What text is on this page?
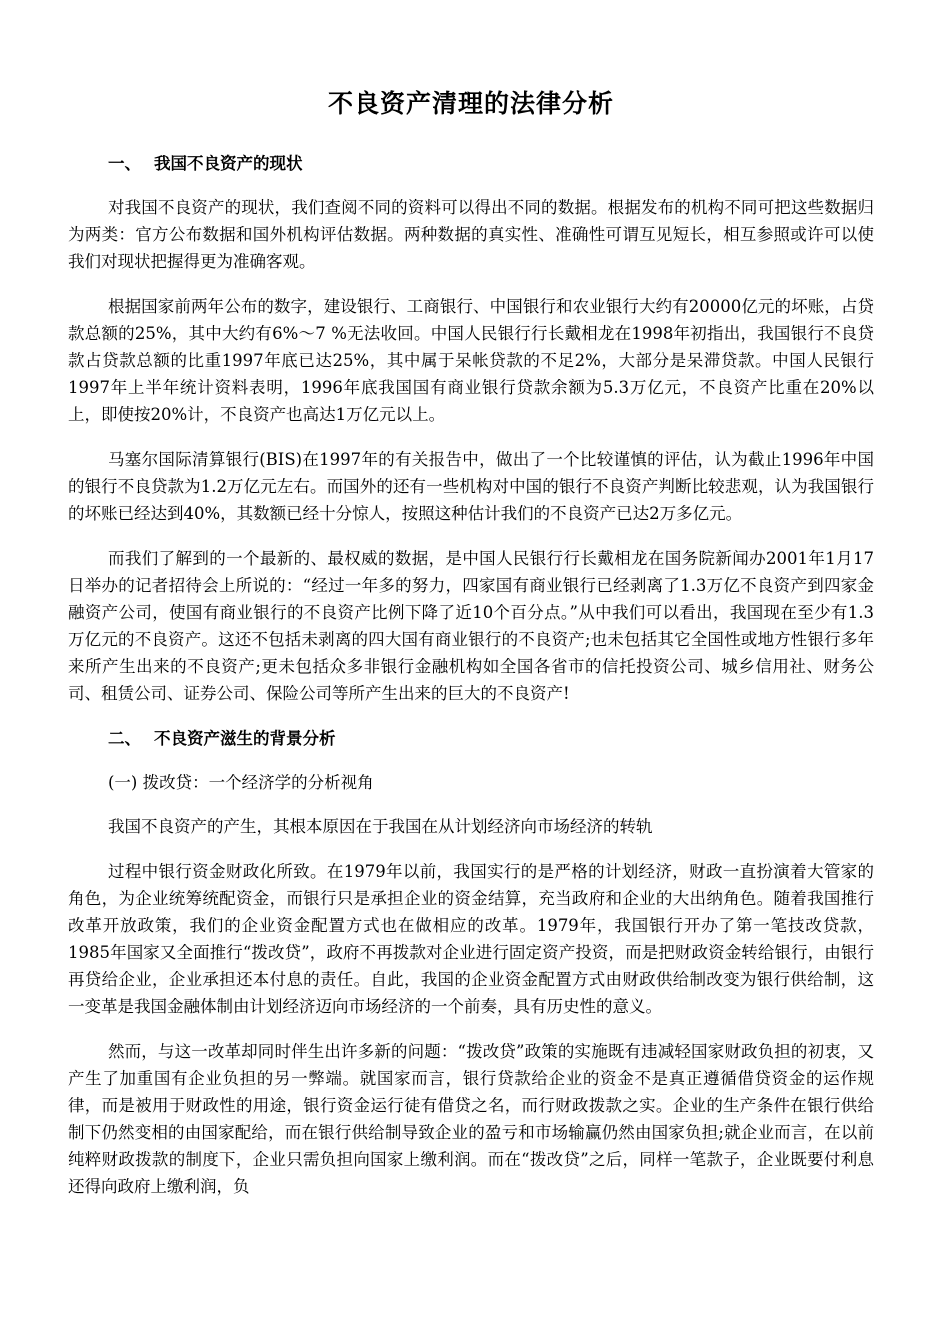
不良资产清理的法律分析
一、 我国不良资产的现状

对我国不良资产的现状，我们查阅不同的资料可以得出不同的数据。根据发布的机构不同可把这些数据归为两类：官方公布数据和国外机构评估数据。两种数据的真实性、准确性可谓互见短长，相互参照或许可以使我们对现状把握得更为准确客观。

根据国家前两年公布的数字，建设银行、工商银行、中国银行和农业银行大约有20000亿元的坏账，占贷款总额的25%，其中大约有6%～7 %无法收回。中国人民银行行长戴相龙在1998年初指出，我国银行不良贷款占贷款总额的比重1997年底已达25%，其中属于呆帐贷款的不足2%，大部分是呆滞贷款。中国人民银行1997年上半年统计资料表明，1996年底我国国有商业银行贷款余额为5.3万亿元，不良资产比重在20%以上，即使按20%计，不良资产也高达1万亿元以上。

马塞尔国际清算银行(BIS)在1997年的有关报告中，做出了一个比较谨慎的评估，认为截止1996年中国的银行不良贷款为1.2万亿元左右。而国外的还有一些机构对中国的银行不良资产判断比较悲观，认为我国银行的坏账已经达到40%，其数额已经十分惊人，按照这种估计我们的不良资产已达2万多亿元。

而我们了解到的一个最新的、最权威的数据，是中国人民银行行长戴相龙在国务院新闻办2001年1月17日举办的记者招待会上所说的：“经过一年多的努力，四家国有商业银行已经剥离了1.3万亿不良资产到四家金融资产公司，使国有商业银行的不良资产比例下降了近10个百分点。”从中我们可以看出，我国现在至少有1.3万亿元的不良资产。这还不包括未剥离的四大国有商业银行的不良资产;也未包括其它全国性或地方性银行多年来所产生出来的不良资产;更未包括众多非银行金融机构如全国各省市的信托投资公司、城乡信用社、财务公司、租赁公司、证券公司、保险公司等所产生出来的巨大的不良资产!

二、 不良资产滋生的背景分析
(一) 拨改贷：一个经济学的分析视角

我国不良资产的产生，其根本原因在于我国在从计划经济向市场经济的转轨

过程中银行资金财政化所致。在1979年以前，我国实行的是严格的计划经济，财政一直扮演着大管家的角色，为企业统筹统配资金，而银行只是承担企业的资金结算，充当政府和企业的大出纳角色。随着我国推行改革开放政策，我们的企业资金配置方式也在做相应的改革。1979年，我国银行开办了第一笔技改贷款，1985年国家又全面推行“拨改贷”，政府不再拨款对企业进行固定资产投资，而是把财政资金转给银行，由银行再贷给企业，企业承担还本付息的责任。自此，我国的企业资金配置方式由财政供给制改变为银行供给制，这一变革是我国金融体制由计划经济迈向市场经济的一个前奏，具有历史性的意义。

然而，与这一改革却同时伴生出许多新的问题：“拨改贷”政策的实施既有违减轻国家财政负担的初衷，又产生了加重国有企业负担的另一弊端。就国家而言，银行贷款给企业的资金不是真正遵循借贷资金的运作规律，而是被用于财政性的用途，银行资金运行徒有借贷之名，而行财政拨款之实。企业的生产条件在银行供给制下仍然变相的由国家配给，而在银行供给制导致企业的盈亏和市场输赢仍然由国家负担;就企业而言，在以前纯粹财政拨款的制度下，企业只需负担向国家上缴利润。而在“拨改贷”之后，同样一笔款子，企业既要付利息还得向政府上缴利润，负
